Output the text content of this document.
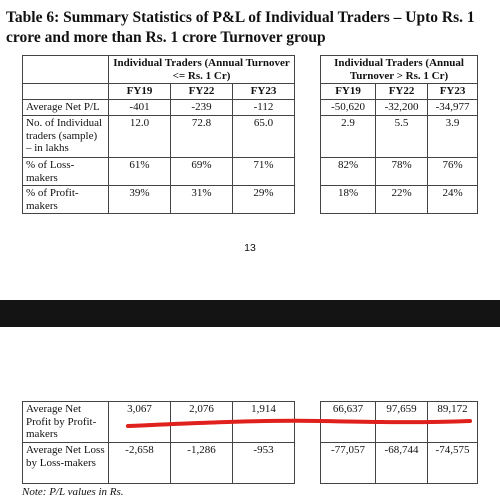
Table 6: Summary Statistics of P&L of Individual Traders – Upto Rs. 1 crore and more than Rs. 1 crore Turnover group
	Individual Traders (Annual Turnover <= Rs. 1 Cr)				Individual Traders (Annual Turnover > Rs. 1 Cr)		
	FY19	FY22	FY23		FY19	FY22	FY23
Average Net P/L	-401	-239	-112		-50,620	-32,200	-34,977
No. of Individual traders (sample) – in lakhs	12.0	72.8	65.0		2.9	5.5	3.9
% of Loss-makers	61%	69%	71%		82%	78%	76%
% of Profit-makers	39%	31%	29%		18%	22%	24%
13
Average Net Profit by Profit-makers	3,067	2,076	1,914		66,637	97,659	89,172
Average Net Loss by Loss-makers	-2,658	-1,286	-953		-77,057	-68,744	-74,575
Note: P/L values in Rs.
